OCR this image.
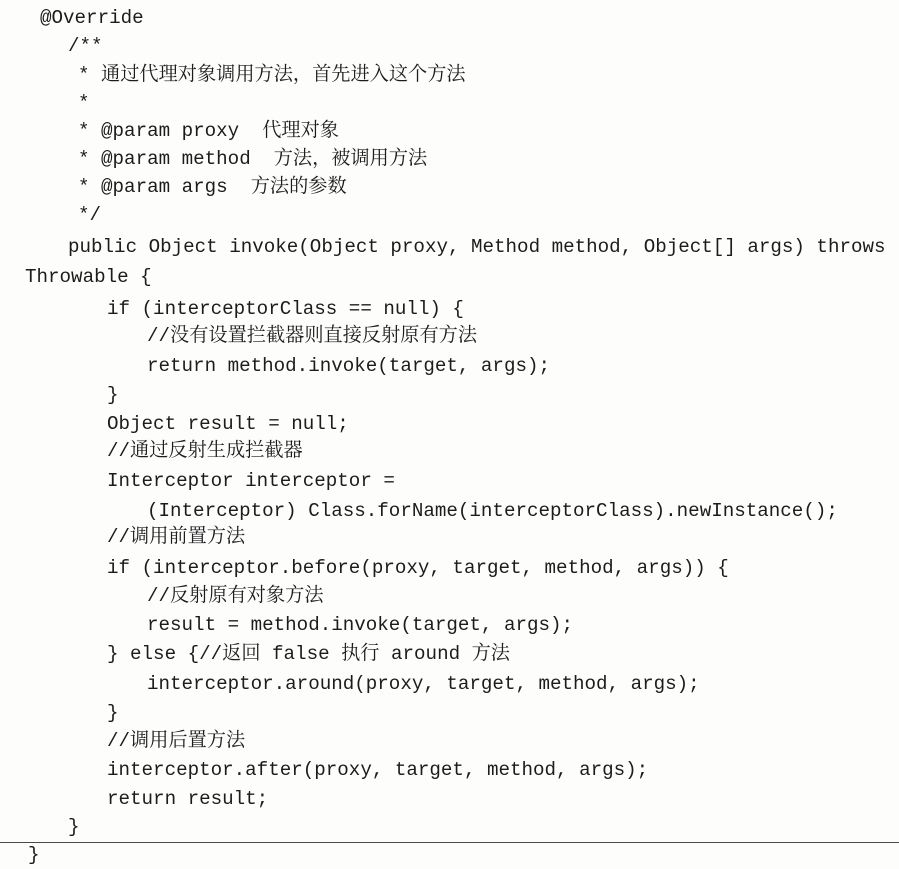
@Override
/**
* 通过代理对象调用方法，首先进入这个方法
*
* @param proxy  代理对象
* @param method  方法，被调用方法
* @param args  方法的参数
*/
public Object invoke(Object proxy, Method method, Object[] args) throws
Throwable {
if (interceptorClass == null) {
//没有设置拦截器则直接反射原有方法
return method.invoke(target, args);
}
Object result = null;
//通过反射生成拦截器
Interceptor interceptor =
(Interceptor) Class.forName(interceptorClass).newInstance();
//调用前置方法
if (interceptor.before(proxy, target, method, args)) {
//反射原有对象方法
result = method.invoke(target, args);
} else {//返回 false 执行 around 方法
interceptor.around(proxy, target, method, args);
}
//调用后置方法
interceptor.after(proxy, target, method, args);
return result;
}
}
